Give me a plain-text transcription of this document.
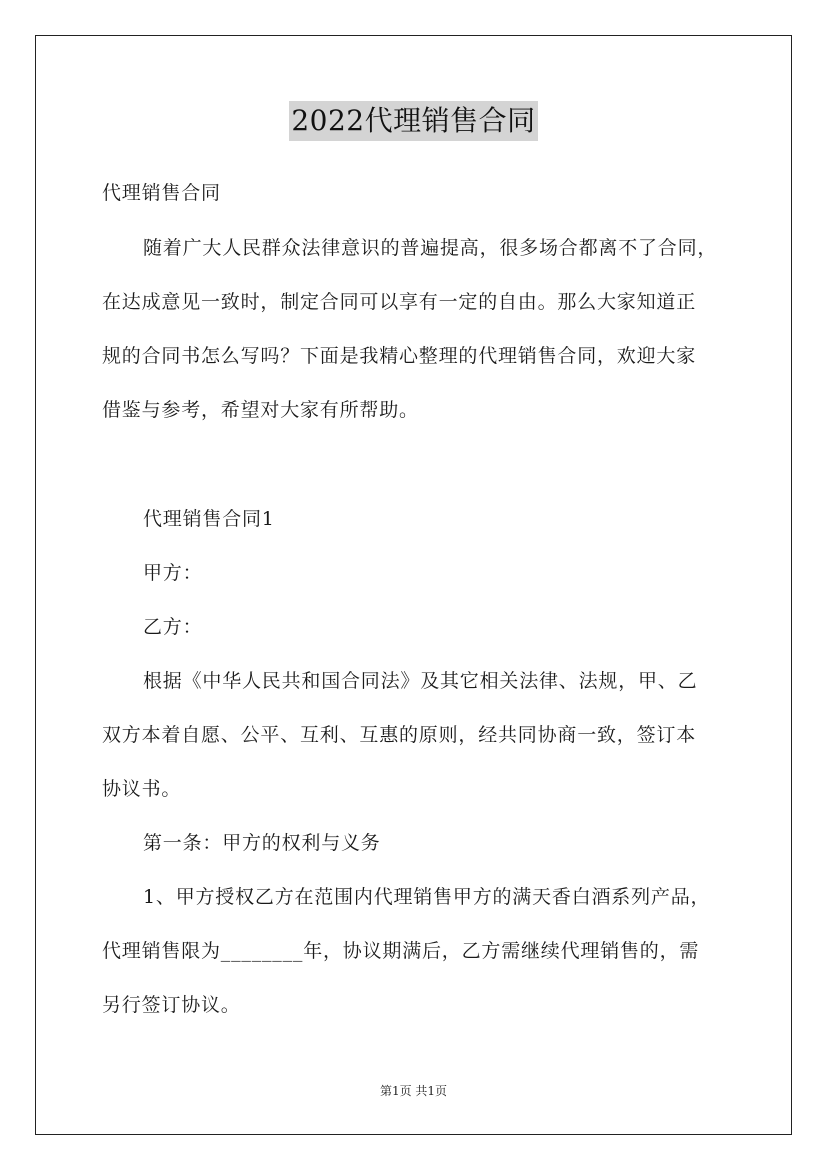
2022代理销售合同
代理销售合同
随着广大人民群众法律意识的普遍提高，很多场合都离不了合同，
在达成意见一致时，制定合同可以享有一定的自由。那么大家知道正
规的合同书怎么写吗？下面是我精心整理的代理销售合同，欢迎大家
借鉴与参考，希望对大家有所帮助。
代理销售合同1
甲方：
乙方：
根据《中华人民共和国合同法》及其它相关法律、法规，甲、乙
双方本着自愿、公平、互利、互惠的原则，经共同协商一致，签订本
协议书。
第一条：甲方的权利与义务
1、甲方授权乙方在范围内代理销售甲方的满天香白酒系列产品，
代理销售限为________年，协议期满后，乙方需继续代理销售的，需
另行签订协议。
第1页 共1页
